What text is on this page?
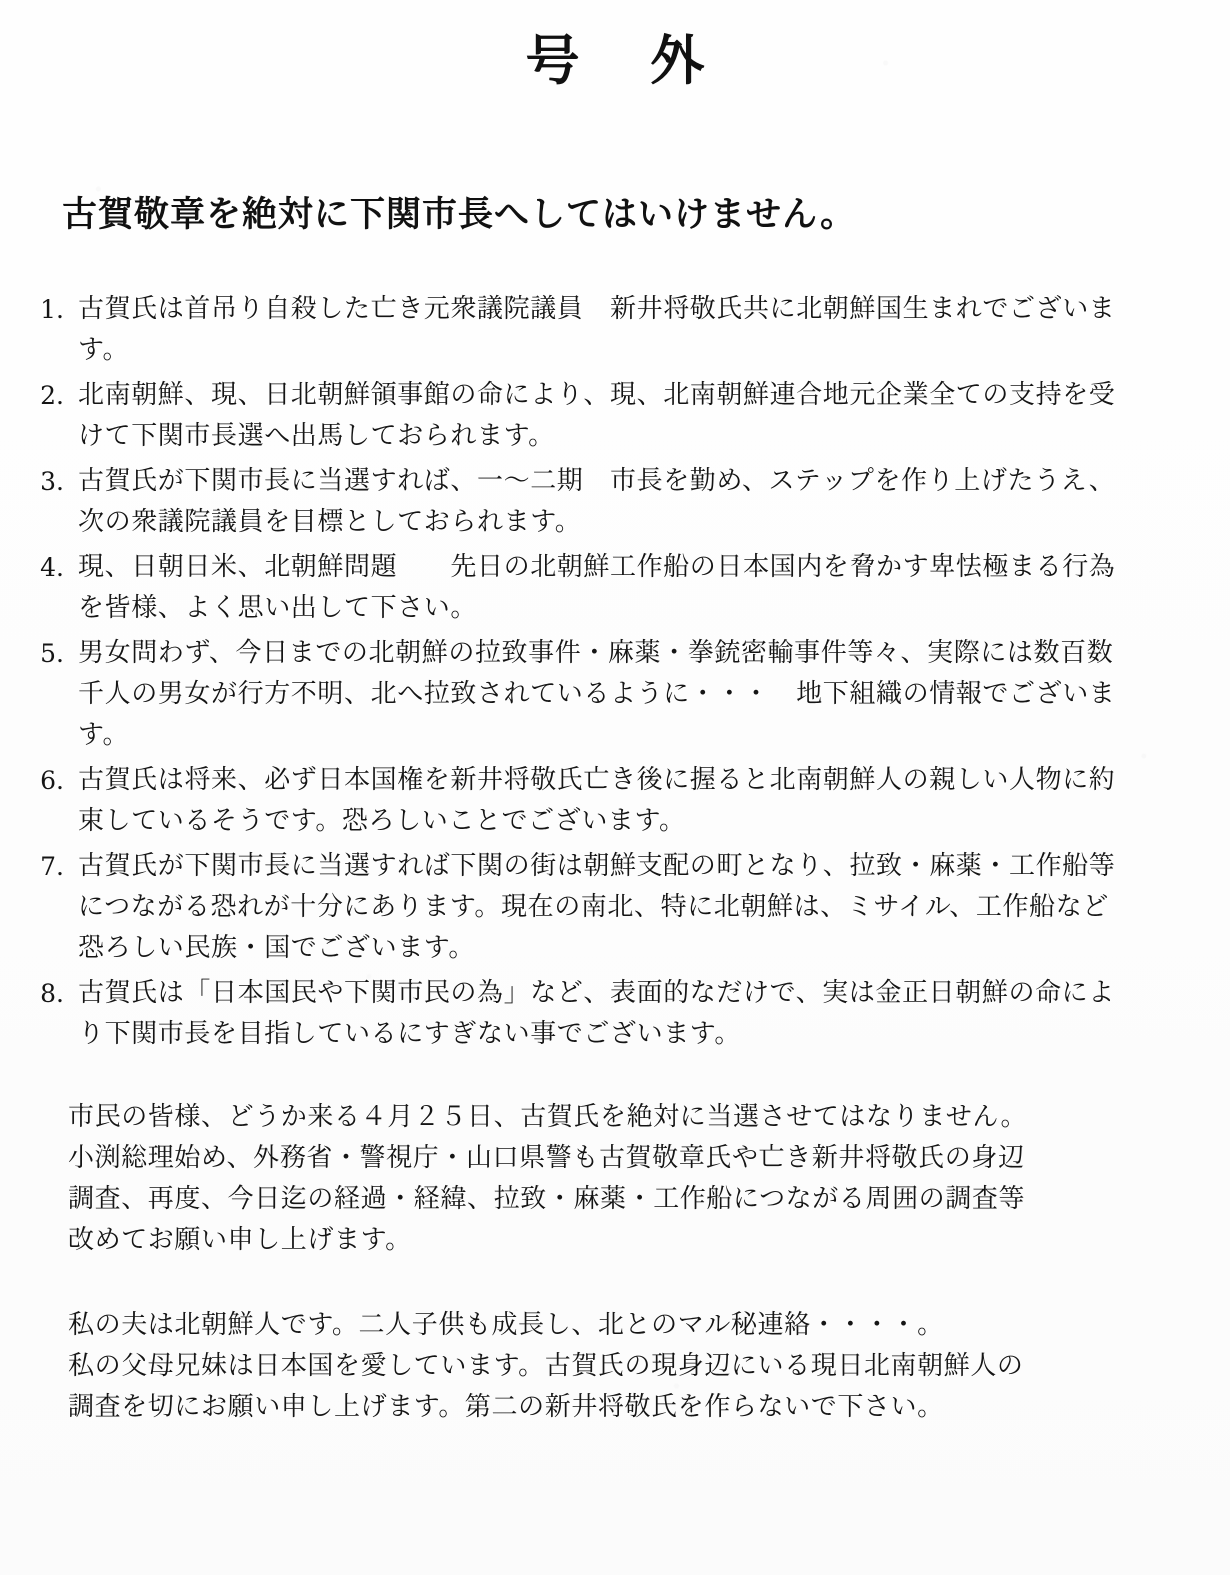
号 外
古賀敬章を絶対に下関市長へしてはいけません。
1. 古賀氏は首吊り自殺した亡き元衆議院議員　新井将敬氏共に北朝鮮国生まれでございます。
2. 北南朝鮮、現、日北朝鮮領事館の命により、現、北南朝鮮連合地元企業全ての支持を受けて下関市長選へ出馬しておられます。
3. 古賀氏が下関市長に当選すれば、一～二期　市長を勤め、ステップを作り上げたうえ、次の衆議院議員を目標としておられます。
4. 現、日朝日米、北朝鮮問題　　先日の北朝鮮工作船の日本国内を脅かす卑怯極まる行為を皆様、よく思い出して下さい。
5. 男女問わず、今日までの北朝鮮の拉致事件・麻薬・拳銃密輸事件等々、実際には数百数千人の男女が行方不明、北へ拉致されているように・・・　地下組織の情報でございます。
6. 古賀氏は将来、必ず日本国権を新井将敬氏亡き後に握ると北南朝鮮人の親しい人物に約束しているそうです。恐ろしいことでございます。
7. 古賀氏が下関市長に当選すれば下関の街は朝鮮支配の町となり、拉致・麻薬・工作船等につながる恐れが十分にあります。現在の南北、特に北朝鮮は、ミサイル、工作船など恐ろしい民族・国でございます。
8. 古賀氏は「日本国民や下関市民の為」など、表面的なだけで、実は金正日朝鮮の命により下関市長を目指しているにすぎない事でございます。
市民の皆様、どうか来る４月２５日、古賀氏を絶対に当選させてはなりません。
小渕総理始め、外務省・警視庁・山口県警も古賀敬章氏や亡き新井将敬氏の身辺
調査、再度、今日迄の経過・経緯、拉致・麻薬・工作船につながる周囲の調査等
改めてお願い申し上げます。
私の夫は北朝鮮人です。二人子供も成長し、北とのマル秘連絡・・・・。
私の父母兄妹は日本国を愛しています。古賀氏の現身辺にいる現日北南朝鮮人の
調査を切にお願い申し上げます。第二の新井将敬氏を作らないで下さい。
